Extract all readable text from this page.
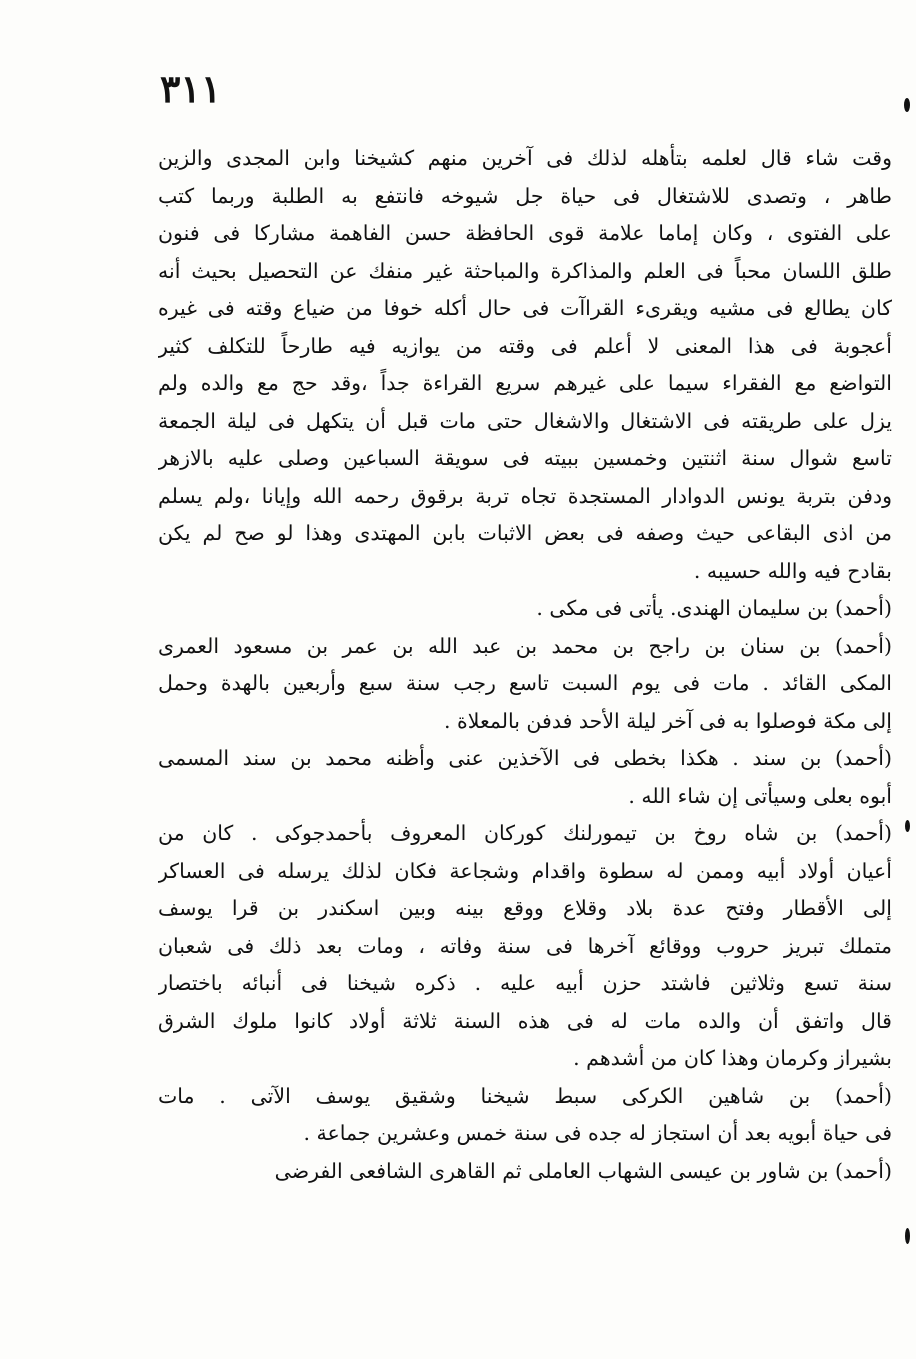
٣١١
وقت شاء قال لعلمه بتأهله لذلك فى آخرين منهم كشيخنا وابن المجدى والزين
طاهر ، وتصدى للاشتغال فى حياة جل شيوخه فانتفع به الطلبة وربما كتب
على الفتوى ، وكان إماما علامة قوى الحافظة حسن الفاهمة مشاركا فى فنون
طلق اللسان محباً فى العلم والمذاكرة والمباحثة غير منفك عن التحصيل بحيث أنه
كان يطالع فى مشيه ويقرىء القراآت فى حال أكله خوفا من ضياع وقته فى غيره
أعجوبة فى هذا المعنى لا أعلم فى وقته من يوازيه فيه طارحاً للتكلف كثير
التواضع مع الفقراء سيما على غيرهم سريع القراءة جداً ،وقد حج مع والده ولم
يزل على طريقته فى الاشتغال والاشغال حتى مات قبل أن يتكهل فى ليلة الجمعة
تاسع شوال سنة اثنتين وخمسين ببيته فى سويقة السباعين وصلى عليه بالازهر
ودفن بتربة يونس الدوادار المستجدة تجاه تربة برقوق رحمه الله وإيانا ،ولم يسلم
من اذى البقاعى حيث وصفه فى بعض الاثبات بابن المهتدى وهذا لو صح لم يكن
بقادح فيه والله حسيبه .
(أحمد) بن سليمان الهندى. يأتى فى مكى .
(أحمد) بن سنان بن راجح بن محمد بن عبد الله بن عمر بن مسعود العمرى
المكى القائد . مات فى يوم السبت تاسع رجب سنة سبع وأربعين بالهدة وحمل
إلى مكة فوصلوا به فى آخر ليلة الأحد فدفن بالمعلاة .
(أحمد) بن سند . هكذا بخطى فى الآخذين عنى وأظنه محمد بن سند المسمى
أبوه بعلى وسيأتى إن شاء الله .
(أحمد) بن شاه روخ بن تيمورلنك كوركان المعروف بأحمدجوكى . كان من
أعيان أولاد أبيه وممن له سطوة واقدام وشجاعة فكان لذلك يرسله فى العساكر
إلى الأقطار وفتح عدة بلاد وقلاع ووقع بينه وبين اسكندر بن قرا يوسف
متملك تبريز حروب ووقائع آخرها فى سنة وفاته ، ومات بعد ذلك فى شعبان
سنة تسع وثلاثين فاشتد حزن أبيه عليه . ذكره شيخنا فى أنبائه باختصار
قال واتفق أن والده مات له فى هذه السنة ثلاثة أولاد كانوا ملوك الشرق
بشيراز وكرمان وهذا كان من أشدهم .
(أحمد) بن شاهين الكركى سبط شيخنا وشقيق يوسف الآتى . مات
فى حياة أبويه بعد أن استجاز له جده فى سنة خمس وعشرين جماعة .
(أحمد) بن شاور بن عيسى الشهاب العاملى ثم القاهرى الشافعى الفرضى
